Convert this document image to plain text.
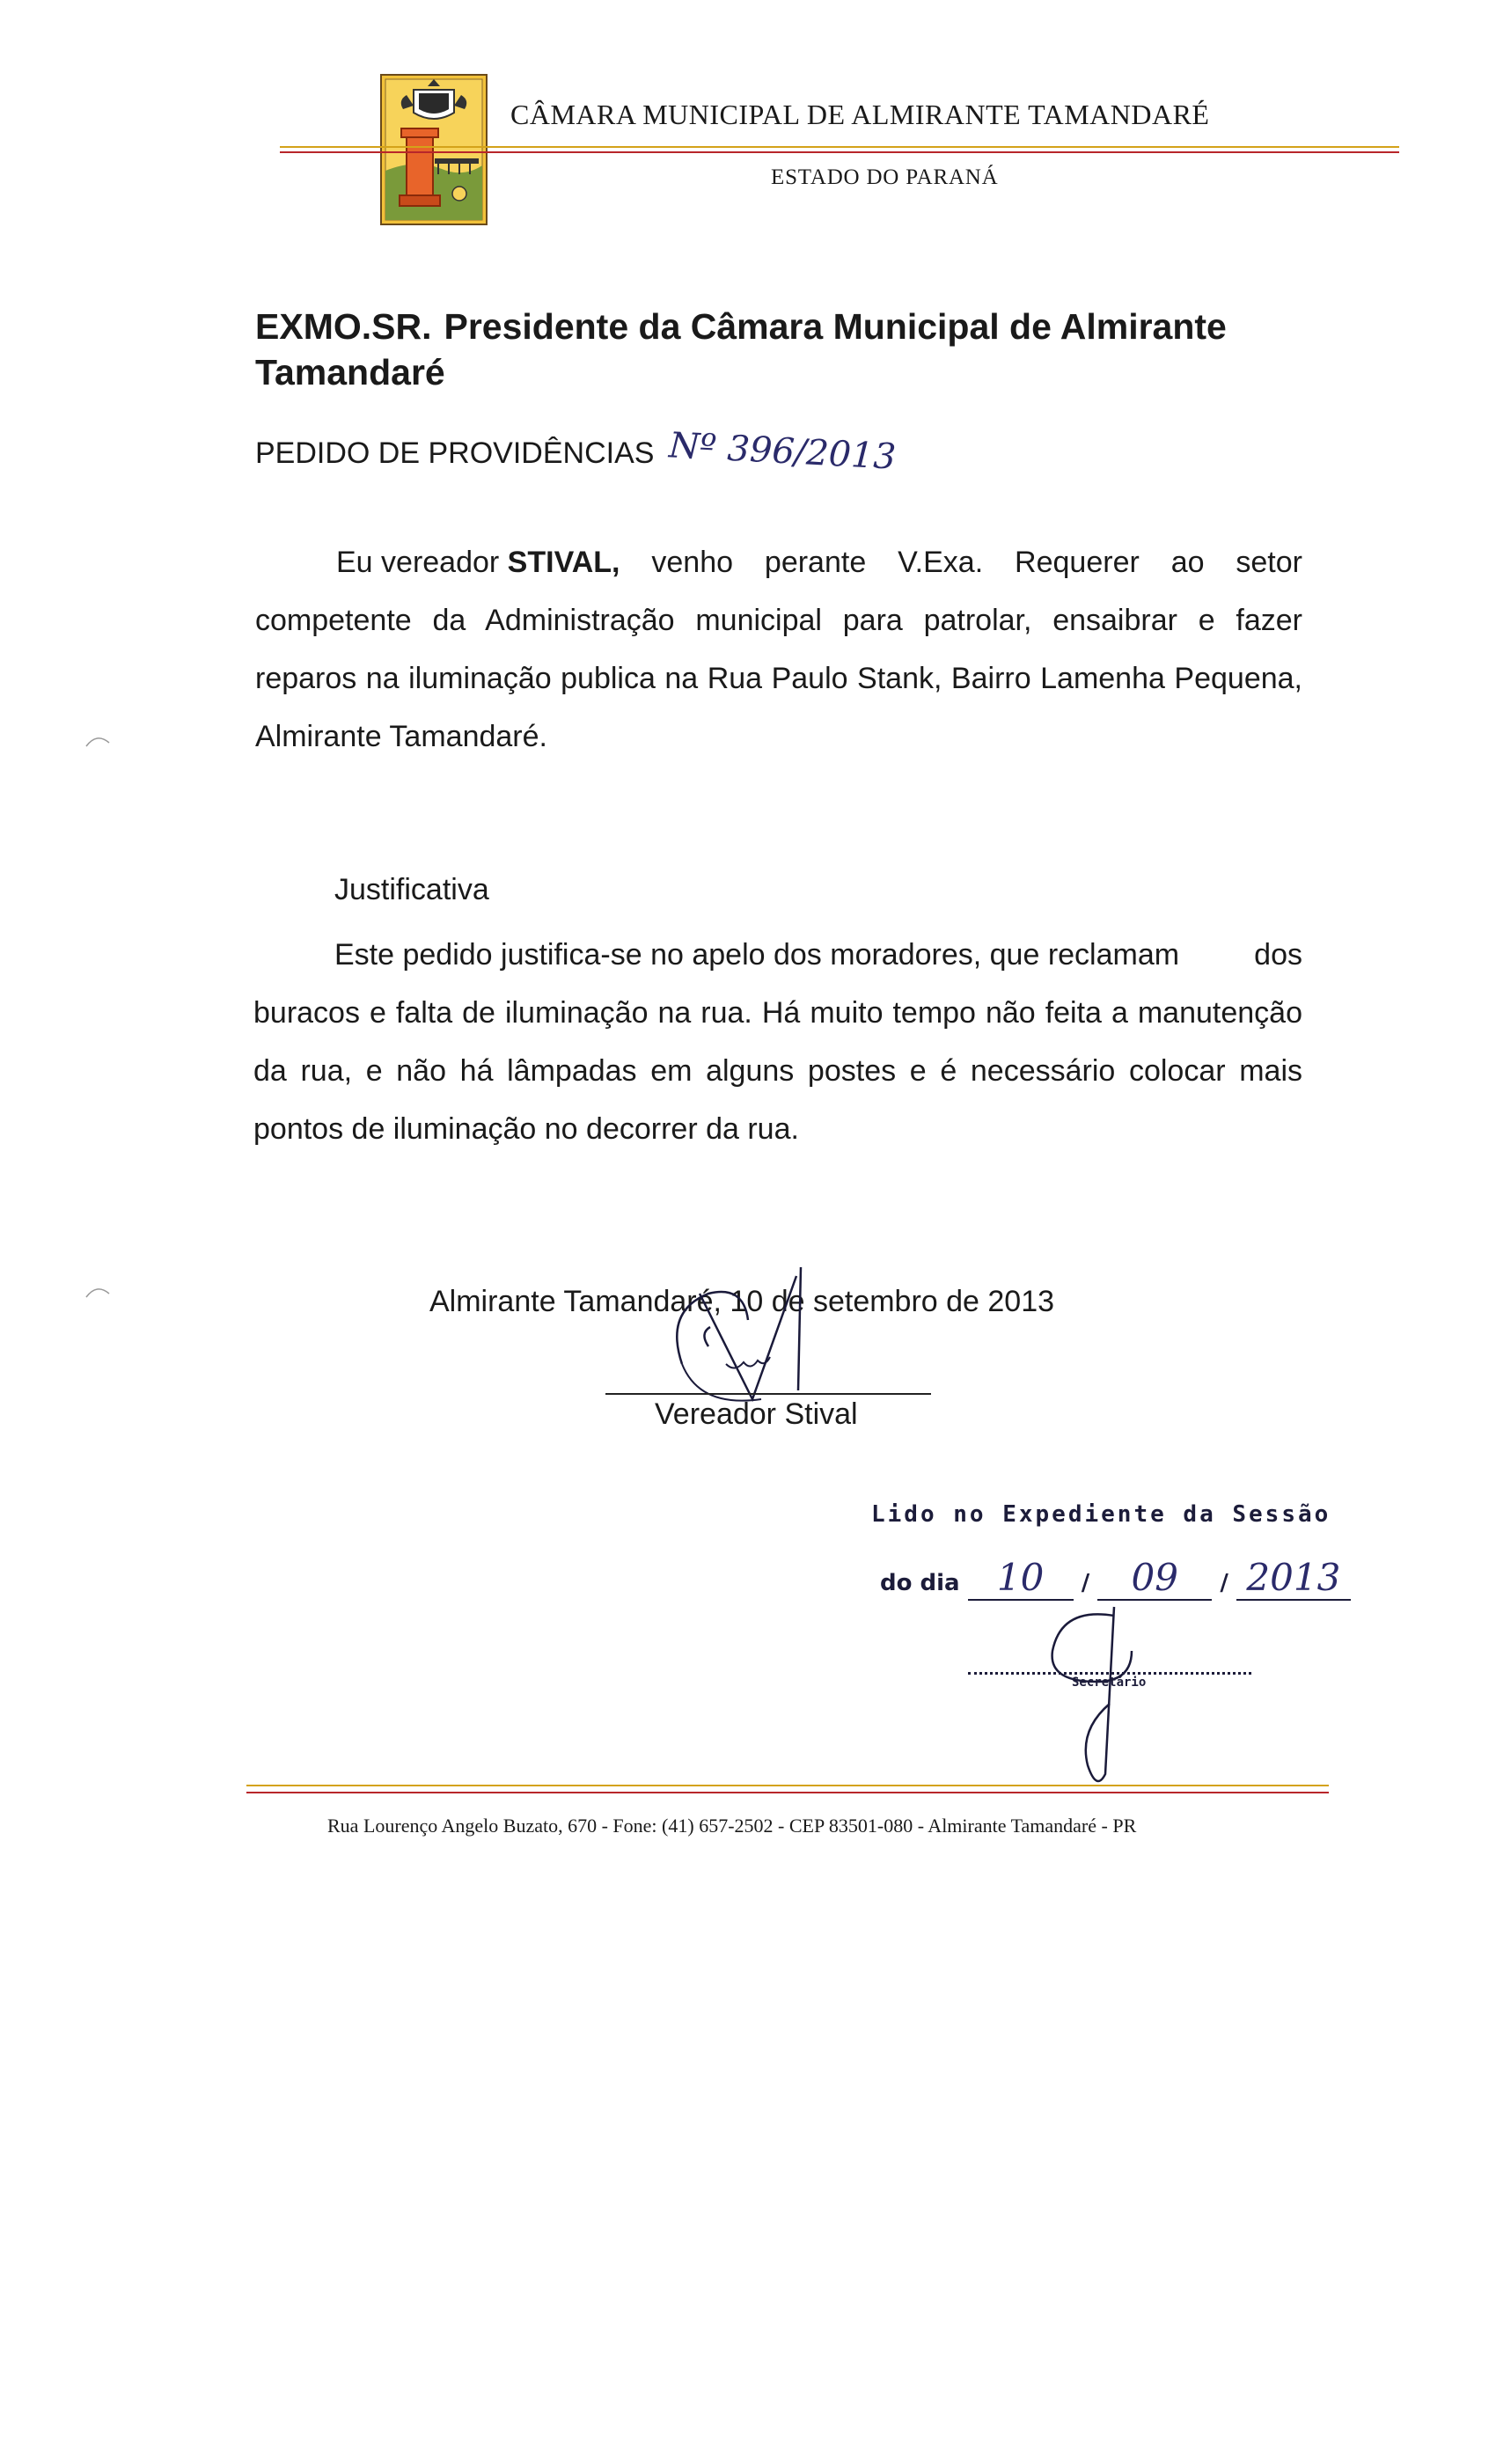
CÂMARA MUNICIPAL DE ALMIRANTE TAMANDARÉ
ESTADO DO PARANÁ
EXMO.SR. Presidente da Câmara Municipal de Almirante Tamandaré
PEDIDO DE PROVIDÊNCIAS Nº 396/2013
Eu vereador STIVAL, venho perante V.Exa. Requerer ao setor competente da Administração municipal para patrolar, ensaibrar e fazer reparos na iluminação publica na Rua Paulo Stank, Bairro Lamenha Pequena, Almirante Tamandaré.
Justificativa
Este pedido justifica-se no apelo dos moradores, que reclamam dos buracos e falta de iluminação na rua. Há muito tempo não feita a manutenção da rua, e não há lâmpadas em alguns postes e é necessário colocar mais pontos de iluminação no decorrer da rua.
Almirante Tamandaré, 10 de setembro de 2013
Vereador Stival
Lido no Expediente da Sessão
do dia 10 / 09 / 2013
Secretário
Rua Lourenço Angelo Buzato, 670 - Fone: (41) 657-2502 - CEP 83501-080 - Almirante Tamandaré - PR
